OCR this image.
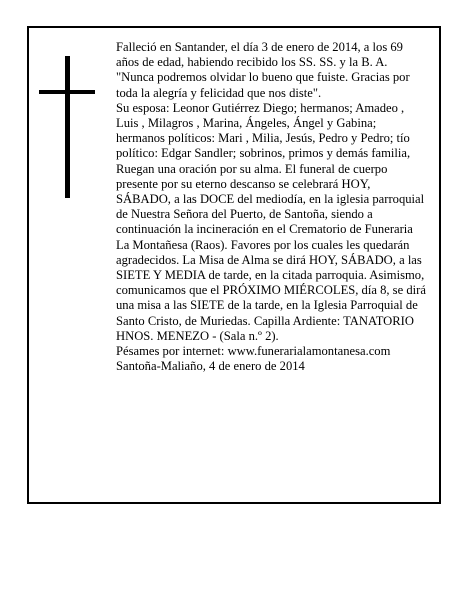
Falleció en Santander, el día 3 de enero de 2014, a los 69 años de edad, habiendo recibido los SS. SS. y la B. A.

"Nunca podremos olvidar lo bueno que fuiste. Gracias por toda la alegría y felicidad que nos diste".

Su esposa: Leonor Gutiérrez Diego; hermanos; Amadeo , Luis , Milagros , Marina, Ángeles, Ángel y Gabina; hermanos políticos: Mari , Milia, Jesús, Pedro y Pedro; tío político: Edgar Sandler; sobrinos, primos y demás familia,

Ruegan una oración por su alma. El funeral de cuerpo presente por su eterno descanso se celebrará HOY, SÁBADO, a las DOCE del mediodía, en la iglesia parroquial de Nuestra Señora del Puerto, de Santoña, siendo a continuación la incineración en el Crematorio de Funeraria La Montañesa (Raos). Favores por los cuales les quedarán agradecidos. La Misa de Alma se dirá HOY, SÁBADO, a las SIETE Y MEDIA de tarde, en la citada parroquia. Asimismo, comunicamos que el PRÓXIMO MIÉRCOLES, día 8, se dirá una misa a las SIETE de la tarde, en la Iglesia Parroquial de Santo Cristo, de Muriedas. Capilla Ardiente: TANATORIO HNOS. MENEZO - (Sala n.º 2).

Pésames por internet: www.funerarialamontanesa.com

Santoña-Maliaño, 4 de enero de 2014
